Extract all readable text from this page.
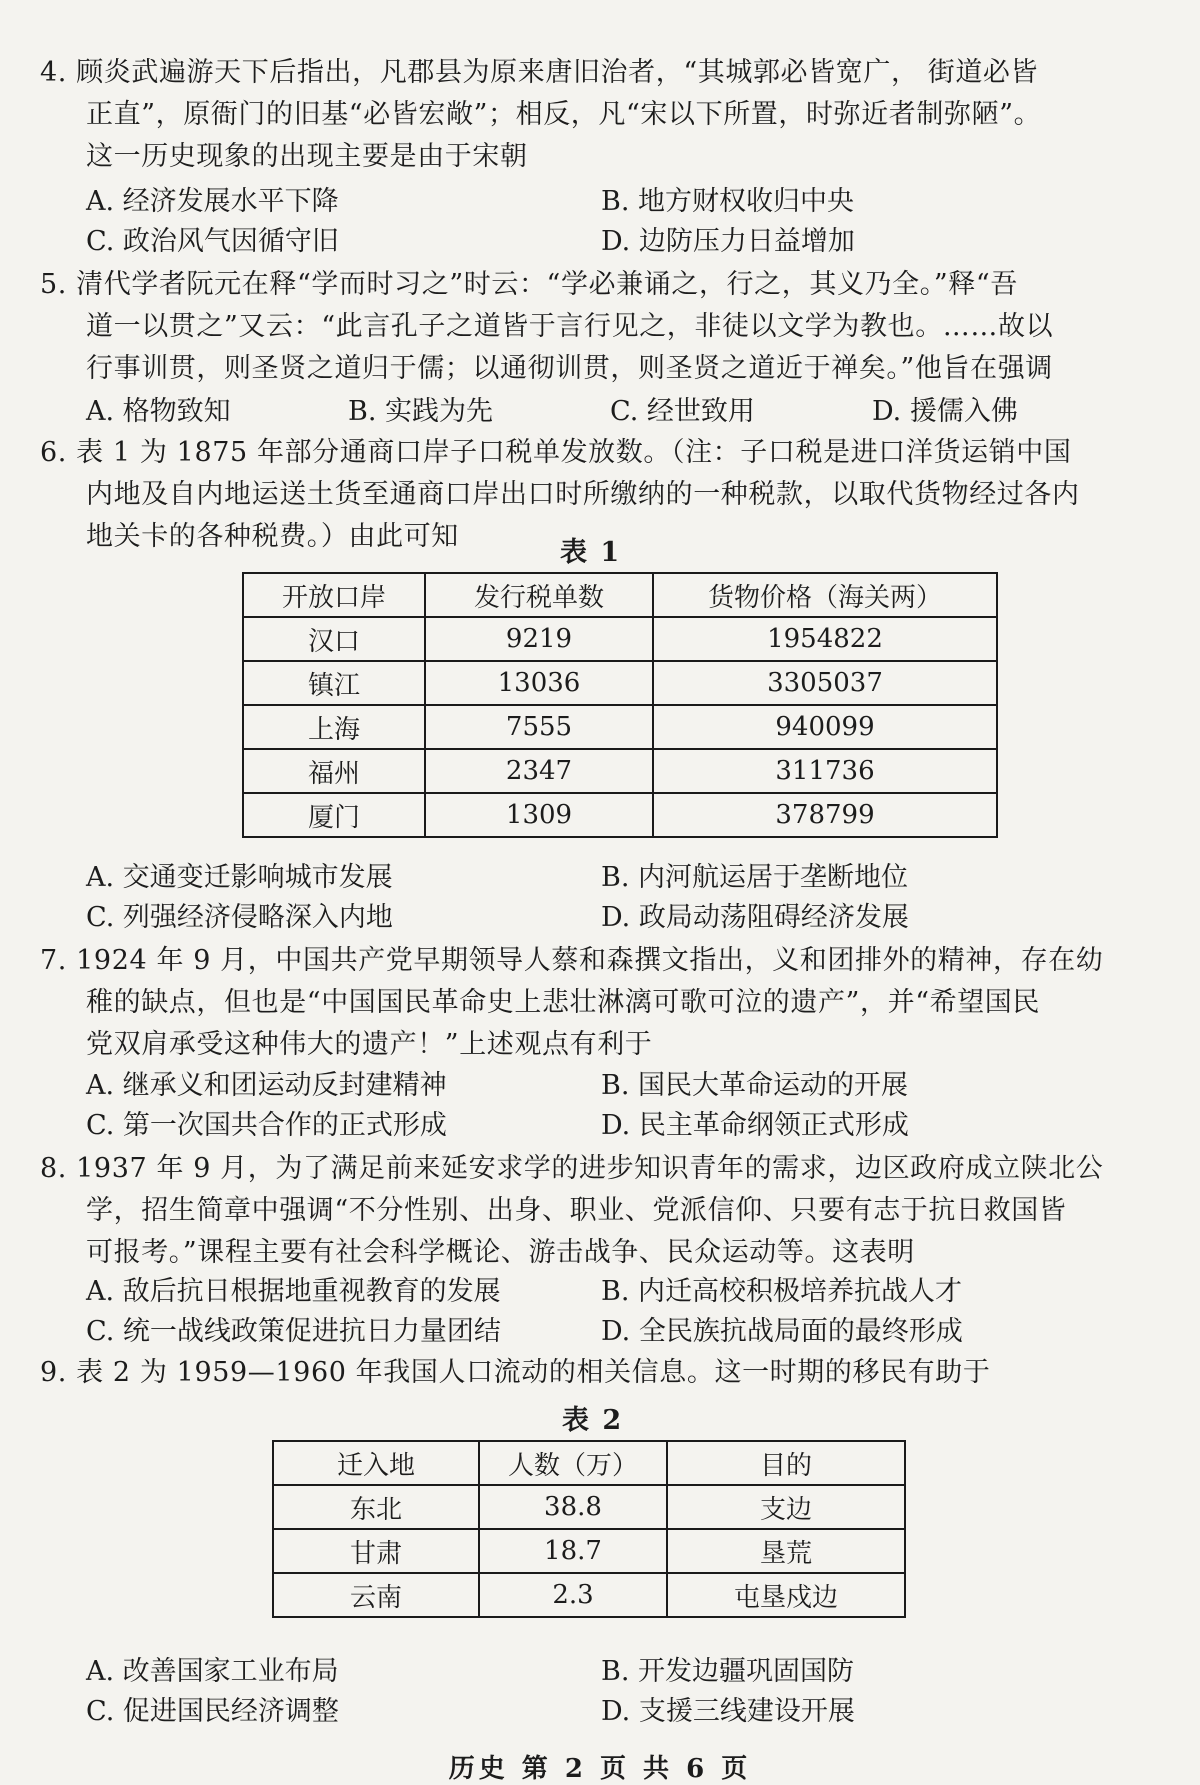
4. 顾炎武遍游天下后指出，凡郡县为原来唐旧治者，“其城郭必皆宽广， 街道必皆

正直”，原衙门的旧基“必皆宏敞”；相反，凡“宋以下所置，时弥近者制弥陋”。

这一历史现象的出现主要是由于宋朝

A. 经济发展水平下降	B. 地方财权收归中央
C. 政治风气因循守旧	D. 边防压力日益增加

5. 清代学者阮元在释“学而时习之”时云：“学必兼诵之，行之，其义乃全。”释“吾

道一以贯之”又云：“此言孔子之道皆于言行见之，非徒以文学为教也。……故以

行事训贯，则圣贤之道归于儒；以通彻训贯，则圣贤之道近于禅矣。”他旨在强调

A. 格物致知	B. 实践为先	C. 经世致用	D. 援儒入佛

6. 表 1 为 1875 年部分通商口岸子口税单发放数。（注：子口税是进口洋货运销中国

内地及自内地运送土货至通商口岸出口时所缴纳的一种税款，以取代货物经过各内

地关卡的各种税费。）由此可知

表 1
开放口岸	发行税单数	货物价格（海关两）
汉口	9219	1954822
镇江	13036	3305037
上海	7555	940099
福州	2347	311736
厦门	1309	378799
A. 交通变迁影响城市发展	B. 内河航运居于垄断地位
C. 列强经济侵略深入内地	D. 政局动荡阻碍经济发展

7. 1924 年 9 月，中国共产党早期领导人蔡和森撰文指出，义和团排外的精神，存在幼

稚的缺点，但也是“中国国民革命史上悲壮淋漓可歌可泣的遗产”，并“希望国民

党双肩承受这种伟大的遗产！”上述观点有利于

A. 继承义和团运动反封建精神	B. 国民大革命运动的开展
C. 第一次国共合作的正式形成	D. 民主革命纲领正式形成

8. 1937 年 9 月，为了满足前来延安求学的进步知识青年的需求，边区政府成立陕北公

学，招生简章中强调“不分性别、出身、职业、党派信仰、只要有志于抗日救国皆

可报考。”课程主要有社会科学概论、游击战争、民众运动等。这表明

A. 敌后抗日根据地重视教育的发展	B. 内迁高校积极培养抗战人才
C. 统一战线政策促进抗日力量团结	D. 全民族抗战局面的最终形成

9. 表 2 为 1959—1960 年我国人口流动的相关信息。这一时期的移民有助于

表 2
迁入地	人数（万）	目的
东北	38.8	支边
甘肃	18.7	垦荒
云南	2.3	屯垦戍边
A. 改善国家工业布局	B. 开发边疆巩固国防
C. 促进国民经济调整	D. 支援三线建设开展
历史 第 2 页 共 6 页
